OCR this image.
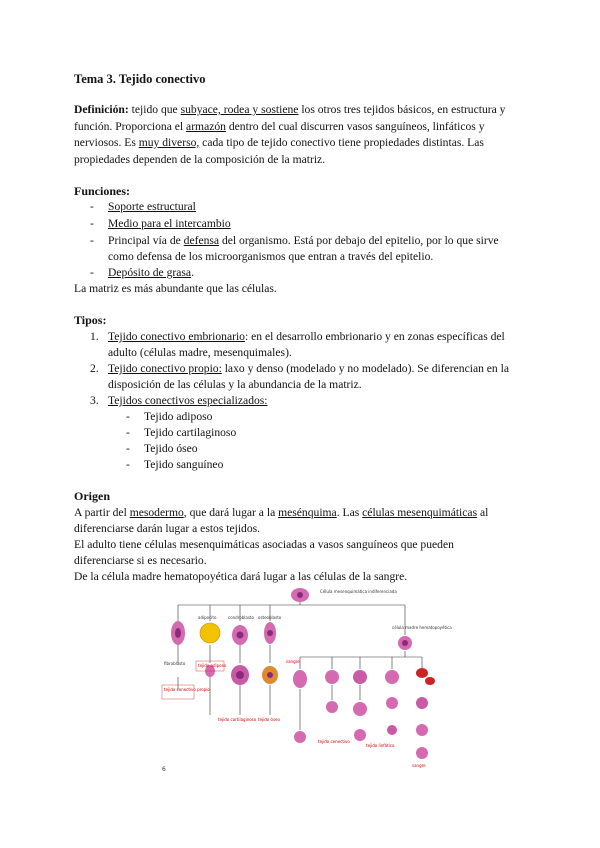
Tema 3. Tejido conectivo
Definición: tejido que subyace, rodea y sostiene los otros tres tejidos básicos, en estructura y función. Proporciona el armazón dentro del cual discurren vasos sanguíneos, linfáticos y nerviosos. Es muy diverso, cada tipo de tejido conectivo tiene propiedades distintas. Las propiedades dependen de la composición de la matriz.
Funciones:
- Soporte estructural
- Medio para el intercambio
- Principal vía de defensa del organismo. Está por debajo del epitelio, por lo que sirve
como defensa de los microorganismos que entran a través del epitelio.
- Depósito de grasa.
La matriz es más abundante que las células.
Tipos:
1. Tejido conectivo embrionario: en el desarrollo embrionario y en zonas específicas del
adulto (células madre, mesenquimales).
2. Tejido conectivo propio: laxo y denso (modelado y no modelado). Se diferencian en la
disposición de las células y la abundancia de la matriz.
3. Tejidos conectivos especializados:
- Tejido adiposo
- Tejido cartilaginoso
- Tejido óseo
- Tejido sanguíneo
Origen
A partir del mesodermo, que dará lugar a la mesénquima. Las células mesenquimáticas al
diferenciarse darán lugar a estos tejidos.
El adulto tiene células mesenquimáticas asociadas a vasos sanguíneos que pueden
diferenciarse si es necesario.
De la célula madre hematopoyética dará lugar a las células de la sangre.
Célula mesenquimática indiferenciada
adipocito	condroblasto osteoblasto
fibroblasto
célula madre hematopoyética
tejido conectivo propio
tejido adiposo
tejido cartilaginoso tejido óseo
sangre
tejido conectivo
tejido linfático
sangre
6
